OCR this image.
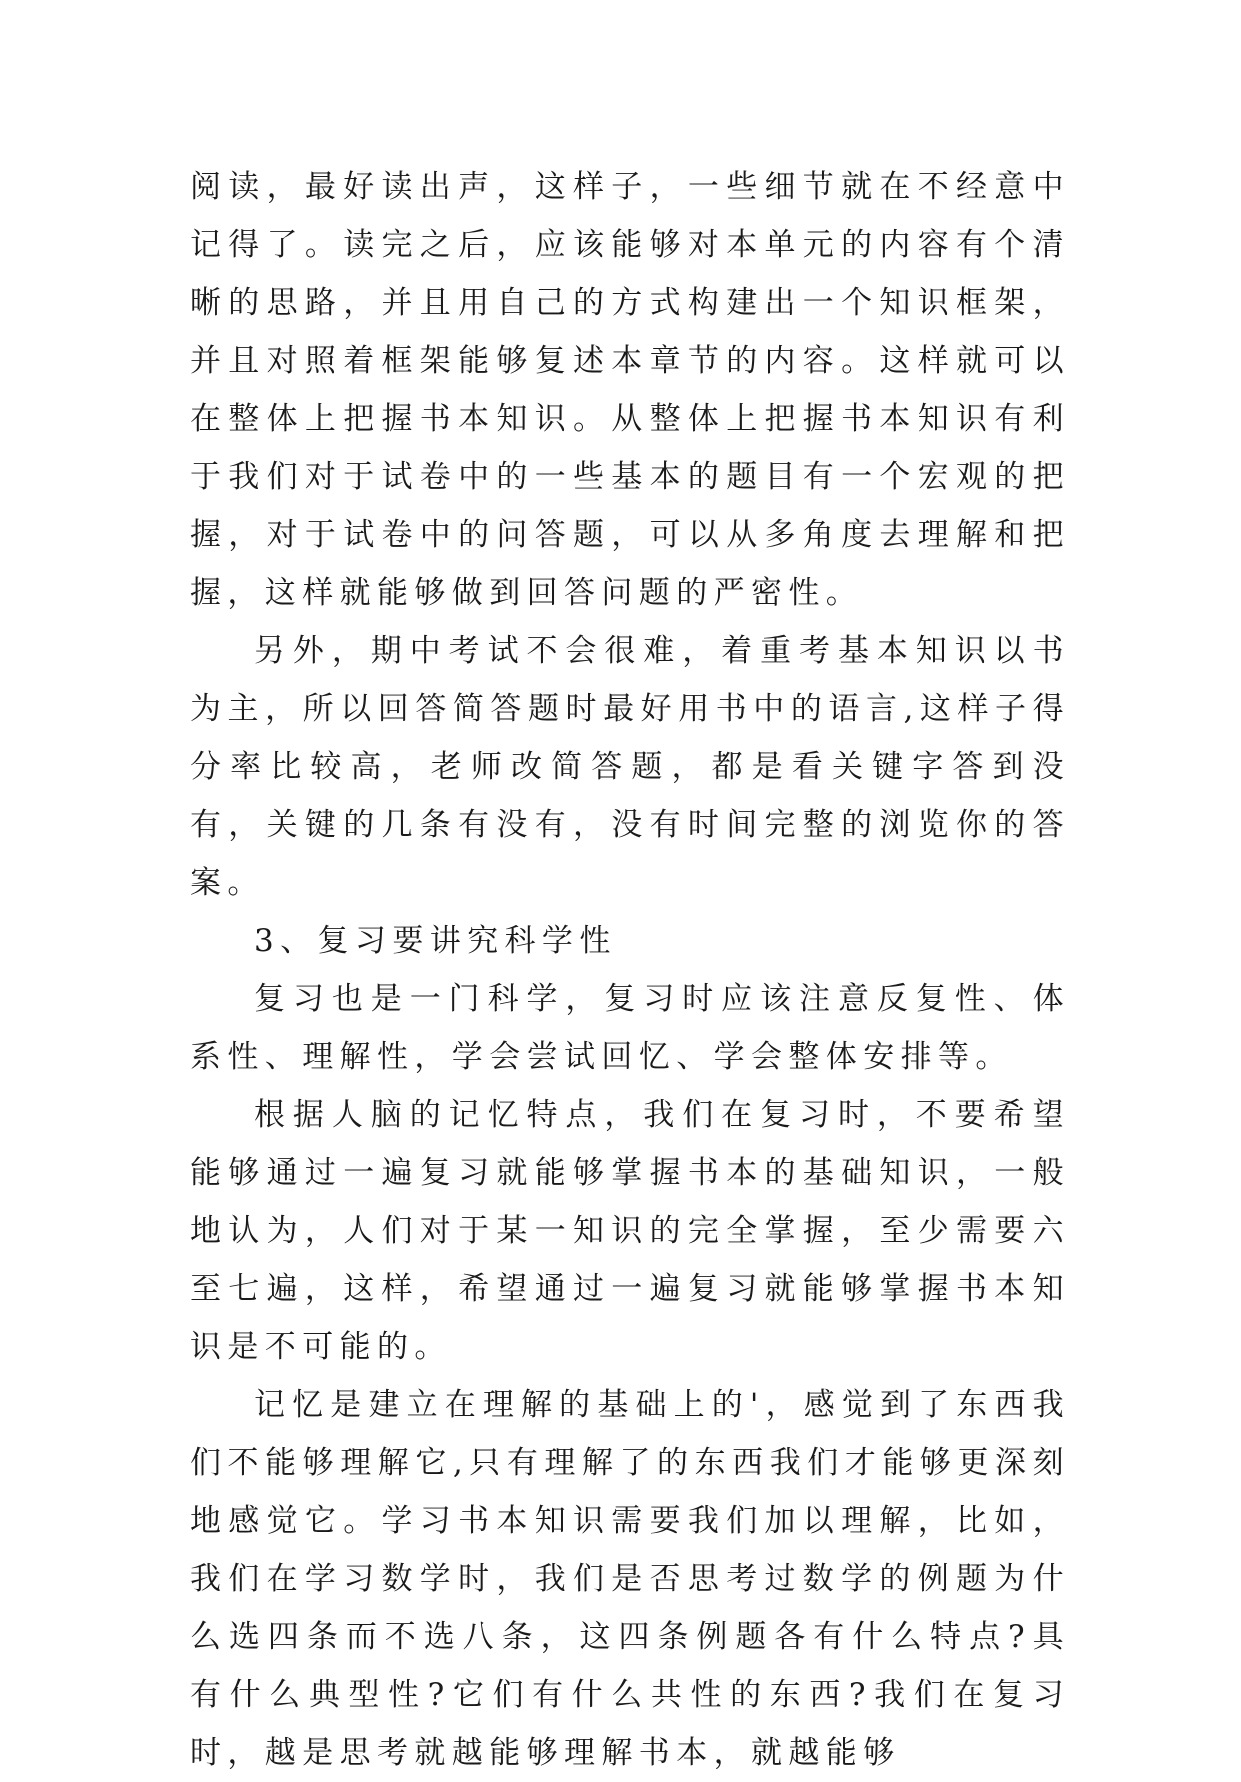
阅读，最好读出声，这样子，一些细节就在不经意中记得了。读完之后，应该能够对本单元的内容有个清晰的思路，并且用自己的方式构建出一个知识框架，并且对照着框架能够复述本章节的内容。这样就可以在整体上把握书本知识。从整体上把握书本知识有利于我们对于试卷中的一些基本的题目有一个宏观的把握，对于试卷中的问答题，可以从多角度去理解和把握，这样就能够做到回答问题的严密性。

另外，期中考试不会很难，着重考基本知识以书为主，所以回答简答题时最好用书中的语言,这样子得分率比较高，老师改简答题，都是看关键字答到没有，关键的几条有没有，没有时间完整的浏览你的答案。

3、复习要讲究科学性

复习也是一门科学，复习时应该注意反复性、体系性、理解性，学会尝试回忆、学会整体安排等。

根据人脑的记忆特点，我们在复习时，不要希望能够通过一遍复习就能够掌握书本的基础知识，一般地认为，人们对于某一知识的完全掌握，至少需要六至七遍，这样，希望通过一遍复习就能够掌握书本知识是不可能的。

记忆是建立在理解的基础上的'，感觉到了东西我们不能够理解它,只有理解了的东西我们才能够更深刻地感觉它。学习书本知识需要我们加以理解，比如，我们在学习数学时，我们是否思考过数学的例题为什么选四条而不选八条，这四条例题各有什么特点?具有什么典型性?它们有什么共性的东西?我们在复习时，越是思考就越能够理解书本，就越能够
